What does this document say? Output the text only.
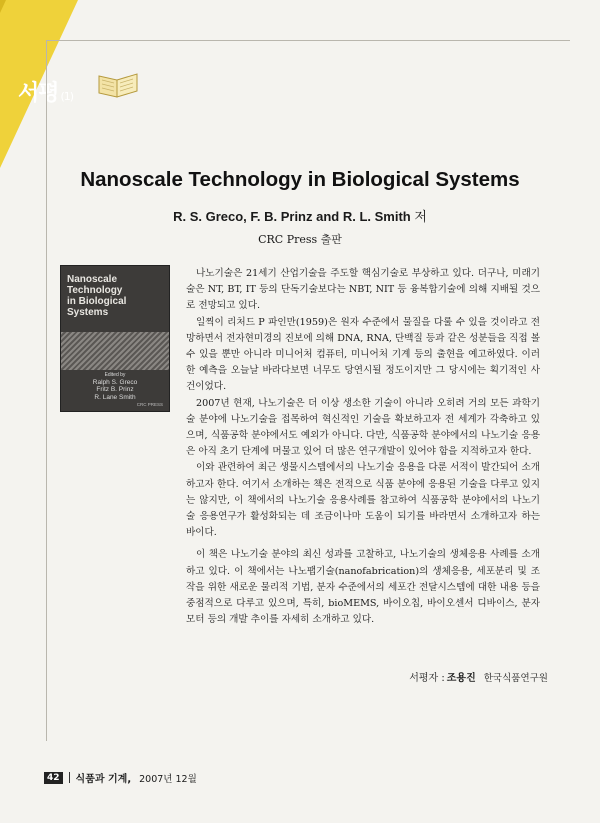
서평 (1)
Nanoscale Technology in Biological Systems
R. S. Greco, F. B. Prinz and R. L. Smith 저
CRC Press 출판
Nanoscale
Technology
in Biological
Systems
Edited by
Ralph S. Greco
Fritz B. Prinz
R. Lane Smith
CRC PRESS

나노기술은 21세기 산업기술을 주도할 핵심기술로 부상하고 있다. 더구나, 미래기술은 NT, BT, IT 등의 단독기술보다는 NBT, NIT 등 융복합기술에 의해 지배될 것으로 전망되고 있다.

일찍이 리처드 P 파인만(1959)은 원자 수준에서 물질을 다룰 수 있을 것이라고 전망하면서 전자현미경의 진보에 의해 DNA, RNA, 단백질 등과 같은 성분들을 직접 볼 수 있을 뿐만 아니라 미니어처 컴퓨터, 미니어처 기계 등의 출현을 예고하였다. 이러한 예측을 오늘날 바라다보면 너무도 당연시될 정도이지만 그 당시에는 획기적인 사건이었다.

2007년 현재, 나노기술은 더 이상 생소한 기술이 아니라 오히려 거의 모든 과학기술 분야에 나노기술을 접목하여 혁신적인 기술을 확보하고자 전 세계가 각축하고 있으며, 식품공학 분야에서도 예외가 아니다. 다만, 식품공학 분야에서의 나노기술 응용은 아직 초기 단계에 머물고 있어 더 많은 연구개발이 있어야 함을 지적하고자 한다.

이와 관련하여 최근 생물시스템에서의 나노기술 응용을 다룬 서적이 발간되어 소개하고자 한다. 여기서 소개하는 책은 전적으로 식품 분야에 응용된 기술을 다루고 있지는 않지만, 이 책에서의 나노기술 응용사례를 참고하여 식품공학 분야에서의 나노기술 응용연구가 활성화되는 데 조금이나마 도움이 되기를 바라면서 소개하고자 하는 바이다.

이 책은 나노기술 분야의 최신 성과를 고찰하고, 나노기술의 생체응용 사례를 소개하고 있다. 이 책에서는 나노팹기술(nanofabrication)의 생체응용, 세포분리 및 조작을 위한 새로운 물리적 기법, 분자 수준에서의 세포간 전달시스템에 대한 내용 등을 중점적으로 다루고 있으며, 특히, bioMEMS, 바이오칩, 바이오센서 디바이스, 분자모터 등의 개발 추이를 자세히 소개하고 있다.

서평자 : 조용진 한국식품연구원
42	식품과 기계, 2007년 12월
